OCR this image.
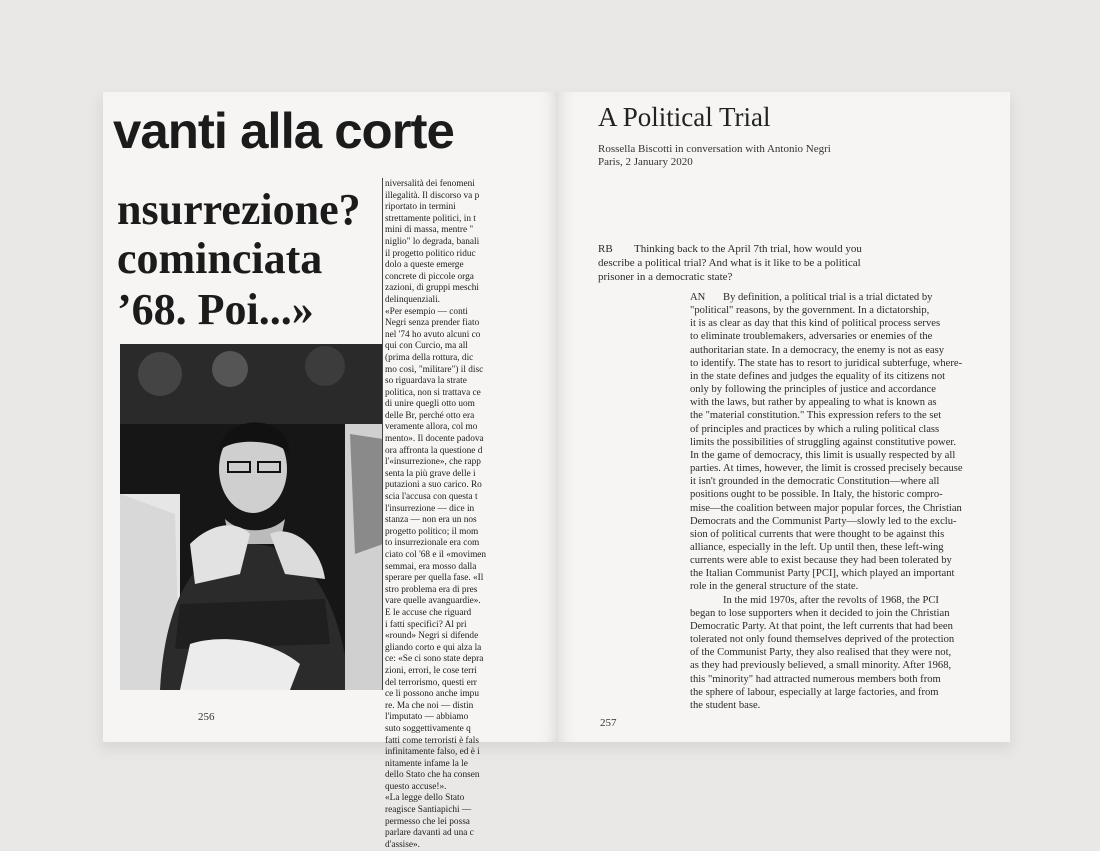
vanti alla corte
nsurrezione?
cominciata
’68. Poi...»
niversalità dei fenomeni
illegalità. Il discorso va p
riportato in termini
strettamente politici, in t
mini di massa, mentre "
niglio" lo degrada, banali
il progetto politico riduc
dolo a queste emerge
concrete di piccole orga
zazioni, di gruppi meschi
delinquenziali.
«Per esempio — conti
Negri senza prender fiato
nel '74 ho avuto alcuni co
qui con Curcio, ma all
(prima della rottura, dic
mo così, "militare") il disc
so riguardava la strate
politica, non si trattava ce
di unire quegli otto uom
delle Br, perché otto era
veramente allora, col mo
mento». Il docente padova
ora affronta la questione d
l'«insurrezione», che rapp
senta la più grave delle i
putazioni a suo carico. Ro
scia l'accusa con questa t
l'insurrezione — dice in
stanza — non era un nos
progetto politico; il mom
to insurrezionale era com
ciato col '68 e il «movimen
semmai, era mosso dalla
sperare per quella fase. «Il
stro problema era di pres
vare quelle avanguardie».
E le accuse che riguard
i fatti specifici? Al pri
«round» Negri si difende
gliando corto e qui alza la
ce: «Se ci sono state depra
zioni, errori, le cose terri
del terrorismo, questi err
ce li possono anche impu
re. Ma che noi — distin
l'imputato — abbiamo
suto soggettivamente q
fatti come terroristi è fals
infinitamente falso, ed è i
nitamente infame la le
dello Stato che ha consen
questo accuse!».
«La legge dello Stato
reagisce Santiapichi —
permesso che lei possa
parlare davanti ad una c
d'assise».
256
A Political Trial
Rossella Biscotti in conversation with Antonio Negri
Paris, 2 January 2020
RB Thinking back to the April 7th trial, how would you
describe a political trial? And what is it like to be a political
prisoner in a democratic state?
AN By definition, a political trial is a trial dictated by
"political" reasons, by the government. In a dictatorship,
it is as clear as day that this kind of political process serves
to eliminate troublemakers, adversaries or enemies of the
authoritarian state. In a democracy, the enemy is not as easy
to identify. The state has to resort to juridical subterfuge, where-
in the state defines and judges the equality of its citizens not
only by following the principles of justice and accordance
with the laws, but rather by appealing to what is known as
the "material constitution." This expression refers to the set
of principles and practices by which a ruling political class
limits the possibilities of struggling against constitutive power.
In the game of democracy, this limit is usually respected by all
parties. At times, however, the limit is crossed precisely because
it isn't grounded in the democratic Constitution—where all
positions ought to be possible. In Italy, the historic compro-
mise—the coalition between major popular forces, the Christian
Democrats and the Communist Party—slowly led to the exclu-
sion of political currents that were thought to be against this
alliance, especially in the left. Up until then, these left-wing
currents were able to exist because they had been tolerated by
the Italian Communist Party [PCI], which played an important
role in the general structure of the state.
In the mid 1970s, after the revolts of 1968, the PCI
began to lose supporters when it decided to join the Christian
Democratic Party. At that point, the left currents that had been
tolerated not only found themselves deprived of the protection
of the Communist Party, they also realised that they were not,
as they had previously believed, a small minority. After 1968,
this "minority" had attracted numerous members both from
the sphere of labour, especially at large factories, and from
the student base.
257
